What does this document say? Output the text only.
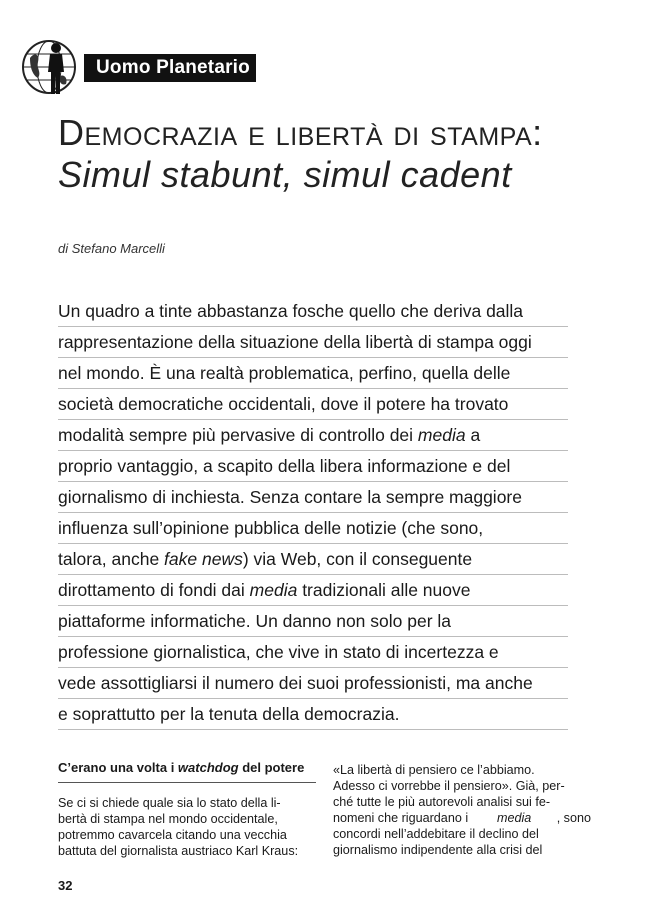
Uomo Planetario
Democrazia e libertà di stampa: Simul stabunt, simul cadent
di Stefano Marcelli
Un quadro a tinte abbastanza fosche quello che deriva dalla
rappresentazione della situazione della libertà di stampa oggi
nel mondo. È una realtà problematica, perfino, quella delle
società democratiche occidentali, dove il potere ha trovato
modalità sempre più pervasive di controllo dei media a
proprio vantaggio, a scapito della libera informazione e del
giornalismo di inchiesta. Senza contare la sempre maggiore
influenza sull’opinione pubblica delle notizie (che sono,
talora, anche fake news) via Web, con il conseguente
dirottamento di fondi dai media tradizionali alle nuove
piattaforme informatiche. Un danno non solo per la
professione giornalistica, che vive in stato di incertezza e
vede assottigliarsi il numero dei suoi professionisti, ma anche
e soprattutto per la tenuta della democrazia.
C’erano una volta i watchdog del potere
Se ci si chiede quale sia lo stato della li-
bertà di stampa nel mondo occidentale,
potremmo cavarcela citando una vecchia
battuta del giornalista austriaco Karl Kraus:
«La libertà di pensiero ce l’abbiamo.
Adesso ci vorrebbe il pensiero». Già, per-
ché tutte le più autorevoli analisi sui fe-
nomeni che riguardano i media , sono
concordi nell’addebitare il declino del
giornalismo indipendente alla crisi del
32
